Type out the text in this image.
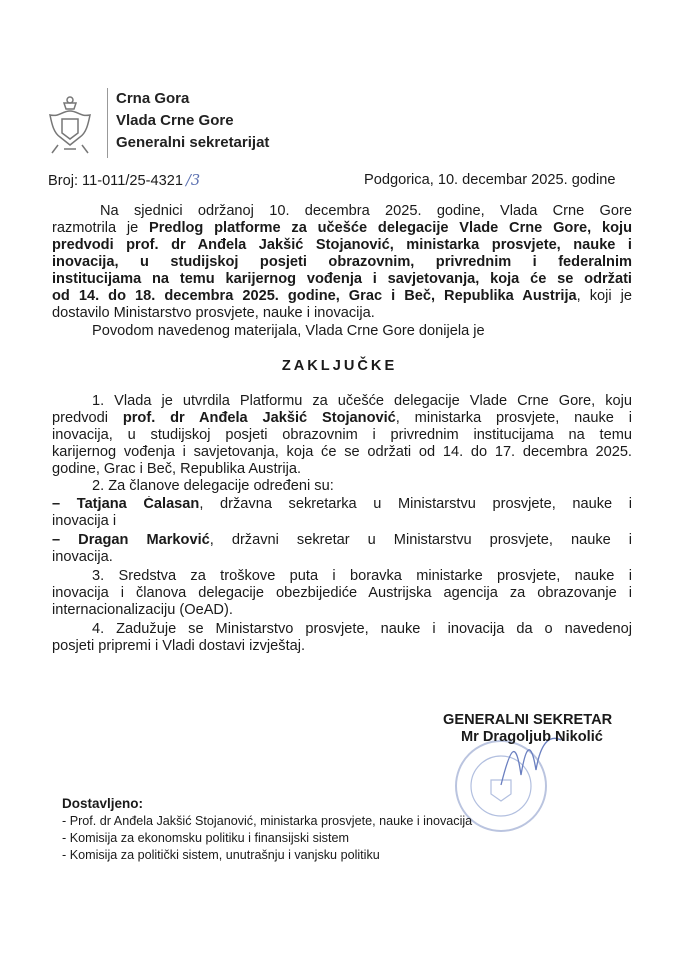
Crna Gora
Vlada Crne Gore
Generalni sekretarijat
Broj: 11-011/25-4321 /3	Podgorica, 10. decembar 2025. godine
Na sjednici održanoj 10. decembra 2025. godine, Vlada Crne Gore
razmotrila je Predlog platforme za učešće delegacije Vlade Crne Gore, koju
predvodi prof. dr Anđela Jakšić Stojanović, ministarka prosvjete, nauke i
inovacija, u studijskoj posjeti obrazovnim, privrednim i federalnim
institucijama na temu karijernog vođenja i savjetovanja, koja će se održati
od 14. do 18. decembra 2025. godine, Grac i Beč, Republika Austrija, koji je
dostavilo Ministarstvo prosvjete, nauke i inovacija.
Povodom navedenog materijala, Vlada Crne Gore donijela je
ZAKLJUČKE
1. Vlada je utvrdila Platformu za učešće delegacije Vlade Crne Gore, koju
predvodi prof. dr Anđela Jakšić Stojanović, ministarka prosvjete, nauke i
inovacija, u studijskoj posjeti obrazovnim i privrednim institucijama na temu
karijernog vođenja i savjetovanja, koja će se održati od 14. do 17. decembra 2025.
godine, Grac i Beč, Republika Austrija.
2. Za članove delegacije određeni su:
– Tatjana Ćalasan, državna sekretarka u Ministarstvu prosvjete, nauke i
inovacija i
– Dragan Marković, državni sekretar u Ministarstvu prosvjete, nauke i
inovacija.
3. Sredstva za troškove puta i boravka ministarke prosvjete, nauke i
inovacija i članova delegacije obezbijediće Austrijska agencija za obrazovanje i
internacionalizaciju (OeAD).
4. Zadužuje se Ministarstvo prosvjete, nauke i inovacija da o navedenoj
posjeti pripremi i Vladi dostavi izvještaj.
GENERALNI SEKRETAR
Mr Dragoljub Nikolić
Dostavljeno:
- Prof. dr Anđela Jakšić Stojanović, ministarka prosvjete, nauke i inovacija
- Komisija za ekonomsku politiku i finansijski sistem
- Komisija za politički sistem, unutrašnju i vanjsku politiku
